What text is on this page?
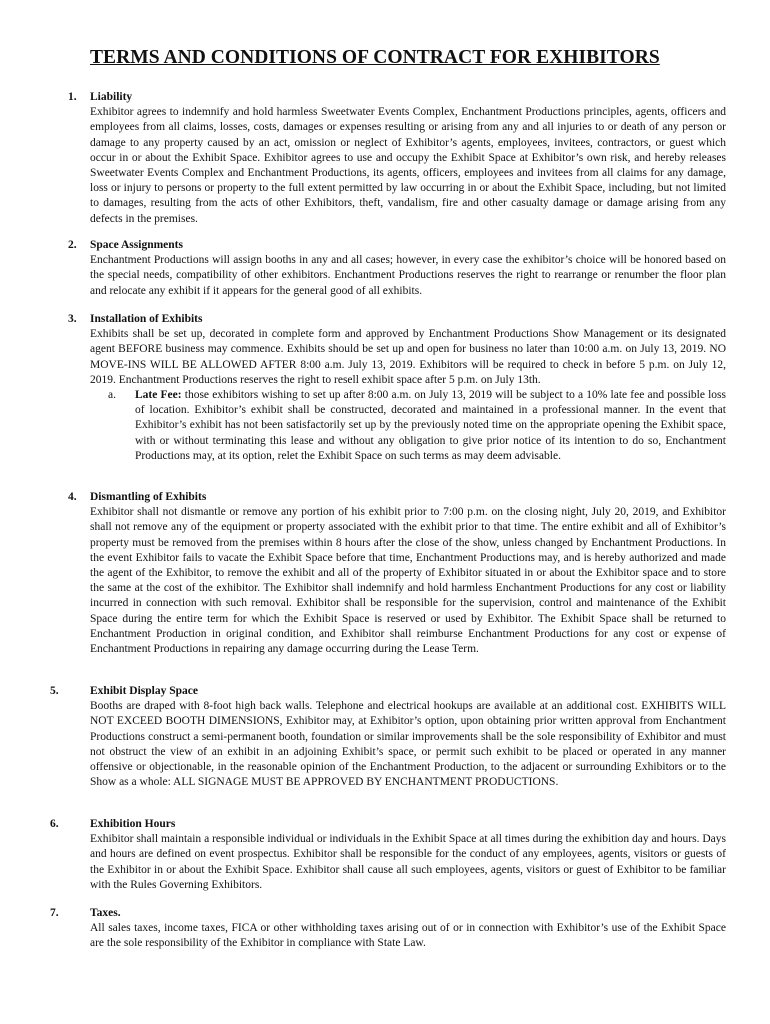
TERMS AND CONDITIONS OF CONTRACT FOR EXHIBITORS
1. Liability
Exhibitor agrees to indemnify and hold harmless Sweetwater Events Complex, Enchantment Productions principles, agents, officers and employees from all claims, losses, costs, damages or expenses resulting or arising from any and all injuries to or death of any person or damage to any property caused by an act, omission or neglect of Exhibitor’s agents, employees, invitees, contractors, or guest which occur in or about the Exhibit Space. Exhibitor agrees to use and occupy the Exhibit Space at Exhibitor’s own risk, and hereby releases Sweetwater Events Complex and Enchantment Productions, its agents, officers, employees and invitees from all claims for any damage, loss or injury to persons or property to the full extent permitted by law occurring in or about the Exhibit Space, including, but not limited to damages, resulting from the acts of other Exhibitors, theft, vandalism, fire and other casualty damage or damage arising from any defects in the premises.
2. Space Assignments
Enchantment Productions will assign booths in any and all cases; however, in every case the exhibitor’s choice will be honored based on the special needs, compatibility of other exhibitors. Enchantment Productions reserves the right to rearrange or renumber the floor plan and relocate any exhibit if it appears for the general good of all exhibits.
3. Installation of Exhibits
Exhibits shall be set up, decorated in complete form and approved by Enchantment Productions Show Management or its designated agent BEFORE business may commence. Exhibits should be set up and open for business no later than 10:00 a.m. on July 13, 2019. NO MOVE-INS WILL BE ALLOWED AFTER 8:00 a.m. July 13, 2019. Exhibitors will be required to check in before 5 p.m. on July 12, 2019. Enchantment Productions reserves the right to resell exhibit space after 5 p.m. on July 13th.
a. Late Fee: those exhibitors wishing to set up after 8:00 a.m. on July 13, 2019 will be subject to a 10% late fee and possible loss of location. Exhibitor’s exhibit shall be constructed, decorated and maintained in a professional manner. In the event that Exhibitor’s exhibit has not been satisfactorily set up by the previously noted time on the appropriate opening the Exhibit space, with or without terminating this lease and without any obligation to give prior notice of its intention to do so, Enchantment Productions may, at its option, relet the Exhibit Space on such terms as may deem advisable.
4. Dismantling of Exhibits
Exhibitor shall not dismantle or remove any portion of his exhibit prior to 7:00 p.m. on the closing night, July 20, 2019, and Exhibitor shall not remove any of the equipment or property associated with the exhibit prior to that time. The entire exhibit and all of Exhibitor’s property must be removed from the premises within 8 hours after the close of the show, unless changed by Enchantment Productions. In the event Exhibitor fails to vacate the Exhibit Space before that time, Enchantment Productions may, and is hereby authorized and made the agent of the Exhibitor, to remove the exhibit and all of the property of Exhibitor situated in or about the Exhibitor space and to store the same at the cost of the exhibitor. The Exhibitor shall indemnify and hold harmless Enchantment Productions for any cost or liability incurred in connection with such removal. Exhibitor shall be responsible for the supervision, control and maintenance of the Exhibit Space during the entire term for which the Exhibit Space is reserved or used by Exhibitor. The Exhibit Space shall be returned to Enchantment Production in original condition, and Exhibitor shall reimburse Enchantment Productions for any cost or expense of Enchantment Productions in repairing any damage occurring during the Lease Term.
5.	Exhibit Display Space
Booths are draped with 8-foot high back walls. Telephone and electrical hookups are available at an additional cost. EXHIBITS WILL NOT EXCEED BOOTH DIMENSIONS, Exhibitor may, at Exhibitor’s option, upon obtaining prior written approval from Enchantment Productions construct a semi-permanent booth, foundation or similar improvements shall be the sole responsibility of Exhibitor and must not obstruct the view of an exhibit in an adjoining Exhibit’s space, or permit such exhibit to be placed or operated in any manner offensive or objectionable, in the reasonable opinion of the Enchantment Production, to the adjacent or surrounding Exhibitors or to the Show as a whole: ALL SIGNAGE MUST BE APPROVED BY ENCHANTMENT PRODUCTIONS.
6.	Exhibition Hours
Exhibitor shall maintain a responsible individual or individuals in the Exhibit Space at all times during the exhibition day and hours. Days and hours are defined on event prospectus. Exhibitor shall be responsible for the conduct of any employees, agents, visitors or guests of the Exhibitor in or about the Exhibit Space. Exhibitor shall cause all such employees, agents, visitors or guest of Exhibitor to be familiar with the Rules Governing Exhibitors.
7.	Taxes.
All sales taxes, income taxes, FICA or other withholding taxes arising out of or in connection with Exhibitor’s use of the Exhibit Space are the sole responsibility of the Exhibitor in compliance with State Law.
